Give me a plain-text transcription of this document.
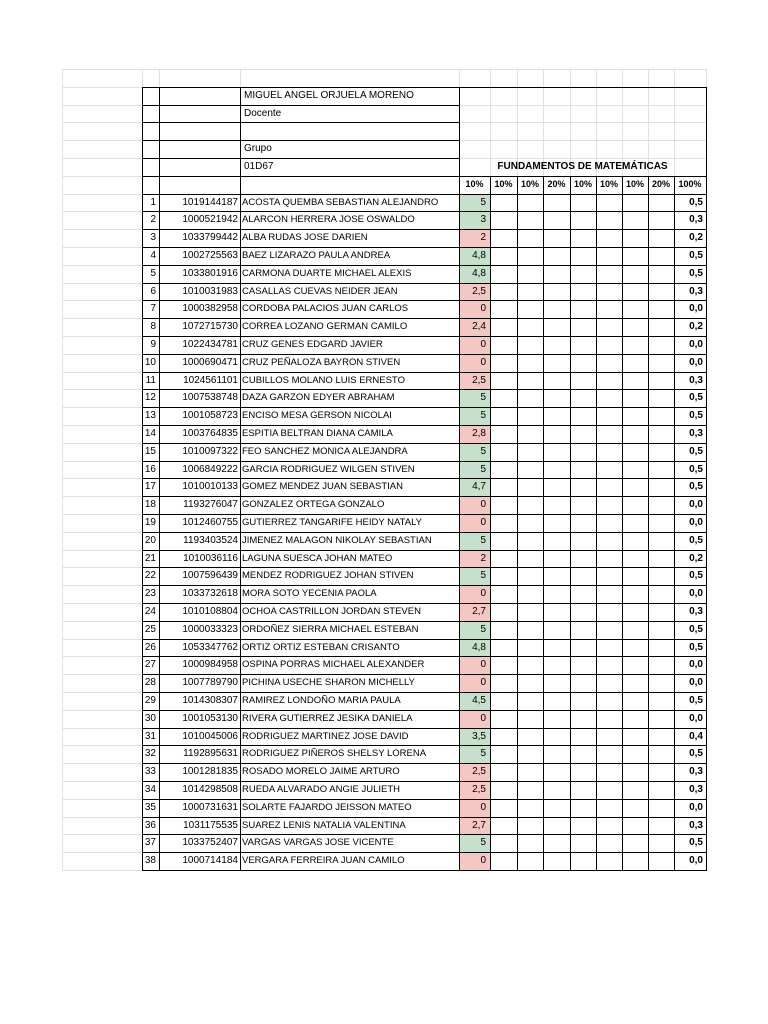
MIGUEL ANGEL ORJUELA MORENO
Docente
Grupo
01D67	FUNDAMENTOS DE MATEMÁTICAS
10%	10% 10% 20% 10% 10% 10% 20% 100%
1	1019144187 ACOSTA QUEMBA SEBASTIAN ALEJANDRO	5	0,5
2	1000521942 ALARCON HERRERA JOSE OSWALDO	3	0,3
3	1033799442 ALBA RUDAS JOSE DARIEN	2	0,2
4	1002725563 BAEZ LIZARAZO PAULA ANDREA	4,8	0,5
5	1033801916 CARMONA DUARTE MICHAEL ALEXIS	4,8	0,5
6	1010031983 CASALLAS CUEVAS NEIDER JEAN	2,5	0,3
7	1000382958 CORDOBA PALACIOS JUAN CARLOS	0	0,0
8	1072715730 CORREA LOZANO GERMAN CAMILO	2,4	0,2
9	1022434781 CRUZ GENES EDGARD JAVIER	0	0,0
10	1000690471 CRUZ PEÑALOZA BAYRON STIVEN	0	0,0
11	1024561101 CUBILLOS MOLANO LUIS ERNESTO	2,5	0,3
12	1007538748 DAZA GARZON EDYER ABRAHAM	5	0,5
13	1001058723 ENCISO MESA GERSON NICOLAI	5	0,5
14	1003764835 ESPITIA BELTRAN DIANA CAMILA	2,8	0,3
15	1010097322 FEO SANCHEZ MONICA ALEJANDRA	5	0,5
16	1006849222 GARCIA RODRIGUEZ WILGEN STIVEN	5	0,5
17	1010010133 GOMEZ MENDEZ JUAN SEBASTIAN	4,7	0,5
18	1193276047 GONZALEZ ORTEGA GONZALO	0	0,0
19	1012460755 GUTIERREZ TANGARIFE HEIDY NATALY	0	0,0
20	1193403524 JIMENEZ MALAGON NIKOLAY SEBASTIAN	5	0,5
21	1010036116 LAGUNA SUESCA JOHAN MATEO	2	0,2
22	1007596439 MENDEZ RODRIGUEZ JOHAN STIVEN	5	0,5
23	1033732618 MORA SOTO YECENIA PAOLA	0	0,0
24	1010108804 OCHOA CASTRILLON JORDAN STEVEN	2,7	0,3
25	1000033323 ORDOÑEZ SIERRA MICHAEL ESTEBAN	5	0,5
26	1053347762 ORTIZ ORTIZ ESTEBAN CRISANTO	4,8	0,5
27	1000984958 OSPINA PORRAS MICHAEL ALEXANDER	0	0,0
28	1007789790 PICHINA USECHE SHARON MICHELLY	0	0,0
29	1014308307 RAMIREZ LONDOÑO MARIA PAULA	4,5	0,5
30	1001053130 RIVERA GUTIERREZ JESIKA DANIELA	0	0,0
31	1010045006 RODRIGUEZ MARTINEZ JOSE DAVID	3,5	0,4
32	1192895631 RODRIGUEZ PIÑEROS SHELSY LORENA	5	0,5
33	1001281835 ROSADO MORELO JAIME ARTURO	2,5	0,3
34	1014298508 RUEDA ALVARADO ANGIE JULIETH	2,5	0,3
35	1000731631 SOLARTE FAJARDO JEISSON MATEO	0	0,0
36	1031175535 SUAREZ LENIS NATALIA VALENTINA	2,7	0,3
37	1033752407 VARGAS VARGAS JOSE VICENTE	5	0,5
38	1000714184 VERGARA FERREIRA JUAN CAMILO	0	0,0
